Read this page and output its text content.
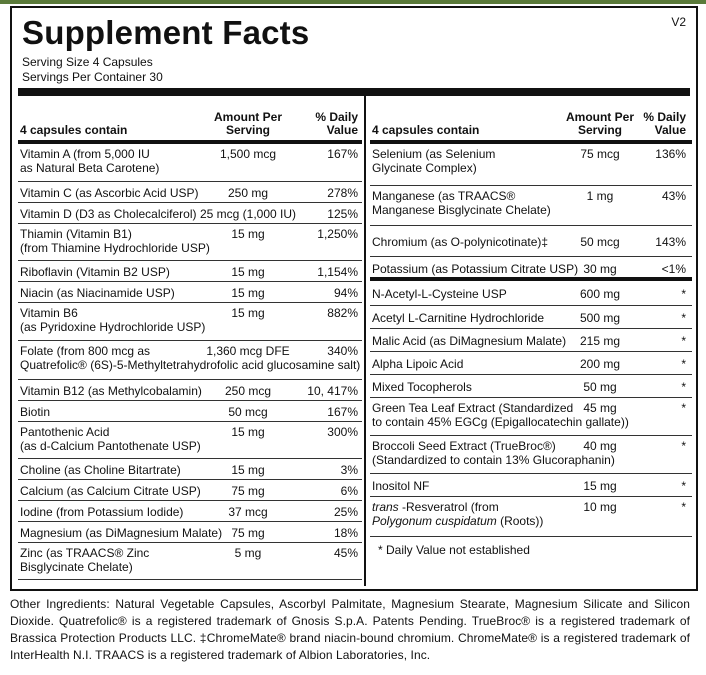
Supplement Facts	V2
Serving Size 4 Capsules
Servings Per Container 30
4 capsules contain
Amount Per
Serving
% Daily
Value
Vitamin A (from 5,000 IU
as Natural Beta Carotene)
1,500 mcg	167%
Vitamin C (as Ascorbic Acid USP)	250 mg	278%
Vitamin D (D3 as Cholecalciferol) 25 mcg (1,000 IU)	125%
Thiamin (Vitamin B1)
(from Thiamine Hydrochloride USP)
15 mg	1,250%
Riboflavin (Vitamin B2 USP)	15 mg	1,154%
Niacin (as Niacinamide USP)	15 mg	94%
Vitamin B6
(as Pyridoxine Hydrochloride USP)
15 mg	882%
Folate (from 800 mcg as
Quatrefolic® (6S)-5-Methyltetrahydrofolic acid glucosamine salt)
1,360 mcg DFE	340%
Vitamin B12 (as Methylcobalamin)	250 mcg	10, 417%
Biotin	50 mcg	167%
Pantothenic Acid
(as d-Calcium Pantothenate USP)
15 mg	300%
Choline (as Choline Bitartrate)	15 mg	3%
Calcium (as Calcium Citrate USP)	75 mg	6%
Iodine (from Potassium Iodide)	37 mcg	25%
Magnesium (as DiMagnesium Malate) 75 mg	18%
Zinc (as TRAACS® Zinc
Bisglycinate Chelate)
5 mg	45%
4 capsules contain
Amount Per
Serving
% Daily
Value
Selenium (as Selenium
Glycinate Complex)
75 mcg	136%
Manganese (as TRAACS®
Manganese Bisglycinate Chelate)
1 mg	43%
Chromium (as O-polynicotinate)‡	50 mcg	143%
Potassium (as Potassium Citrate USP) 30 mg	<1%
N-Acetyl-L-Cysteine USP	600 mg	*
Acetyl L-Carnitine Hydrochloride	500 mg	*
Malic Acid (as DiMagnesium Malate)	215 mg	*
Alpha Lipoic Acid	200 mg	*
Mixed Tocopherols	50 mg	*
Green Tea Leaf Extract (Standardized
to contain 45% EGCg (Epigallocatechin gallate))
45 mg	*
Broccoli Seed Extract (TrueBroc®)
(Standardized to contain 13% Glucoraphanin)
40 mg	*
Inositol NF	15 mg	*
trans -Resveratrol (from
Polygonum cuspidatum (Roots))
10 mg	*
* Daily Value not established
Other Ingredients: Natural Vegetable Capsules, Ascorbyl Palmitate, Magnesium Stearate, Magnesium Silicate and Silicon Dioxide. Quatrefolic® is a registered trademark of Gnosis S.p.A. Patents Pending. TrueBroc® is a registered trademark of Brassica Protection Products LLC. ‡ChromeMate® brand niacin-bound chromium. ChromeMate® is a registered trademark of InterHealth N.I. TRAACS is a registered trademark of Albion Laboratories, Inc.
